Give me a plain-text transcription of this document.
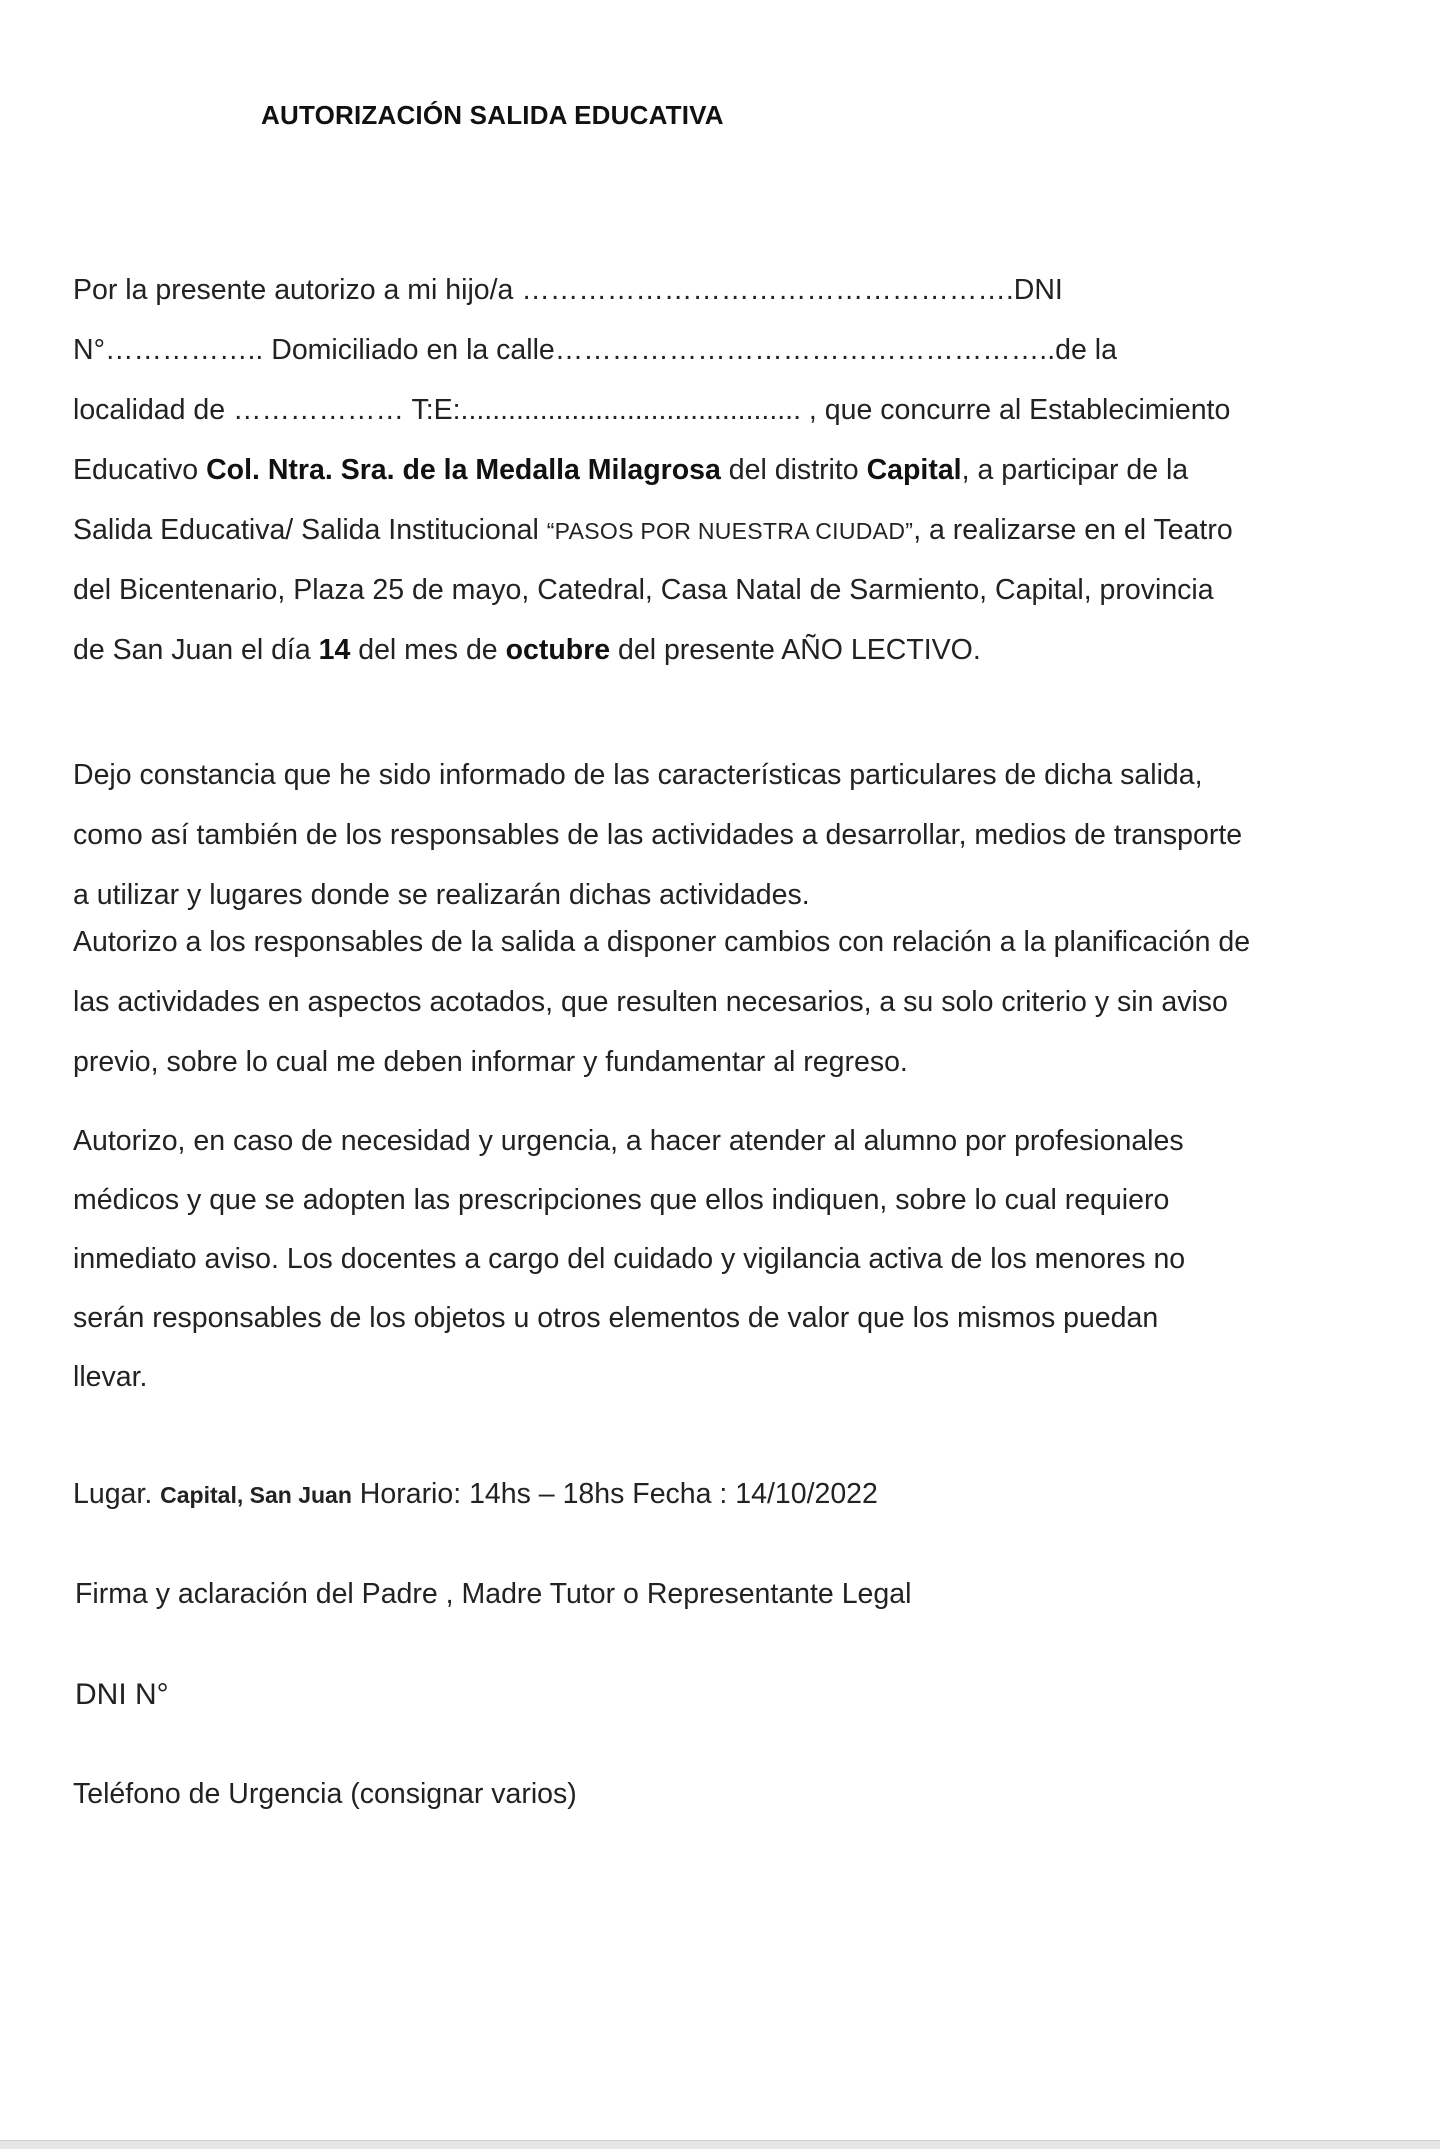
AUTORIZACIÓN SALIDA EDUCATIVA
Por la presente autorizo a mi hijo/a …………………………………………….DNI
N°…………….. Domiciliado en la calle……………………………………………..de la
localidad de ……………… T:E:........................................... , que concurre al Establecimiento
Educativo Col. Ntra. Sra. de la Medalla Milagrosa del distrito Capital, a participar de la
Salida Educativa/ Salida Institucional “PASOS POR NUESTRA CIUDAD”, a realizarse en el Teatro
del Bicentenario, Plaza 25 de mayo, Catedral, Casa Natal de Sarmiento, Capital, provincia
de San Juan el día 14 del mes de octubre del presente AÑO LECTIVO.
Dejo constancia que he sido informado de las características particulares de dicha salida,
como así también de los responsables de las actividades a desarrollar, medios de transporte
a utilizar y lugares donde se realizarán dichas actividades.
Autorizo a los responsables de la salida a disponer cambios con relación a la planificación de
las actividades en aspectos acotados, que resulten necesarios, a su solo criterio y sin aviso
previo, sobre lo cual me deben informar y fundamentar al regreso.
Autorizo, en caso de necesidad y urgencia, a hacer atender al alumno por profesionales
médicos y que se adopten las prescripciones que ellos indiquen, sobre lo cual requiero
inmediato aviso. Los docentes a cargo del cuidado y vigilancia activa de los menores no
serán responsables de los objetos u otros elementos de valor que los mismos puedan
llevar.
Lugar. Capital, San Juan Horario: 14hs – 18hs Fecha : 14/10/2022
Firma y aclaración del Padre , Madre Tutor o Representante Legal
DNI N°
Teléfono de Urgencia (consignar varios)
